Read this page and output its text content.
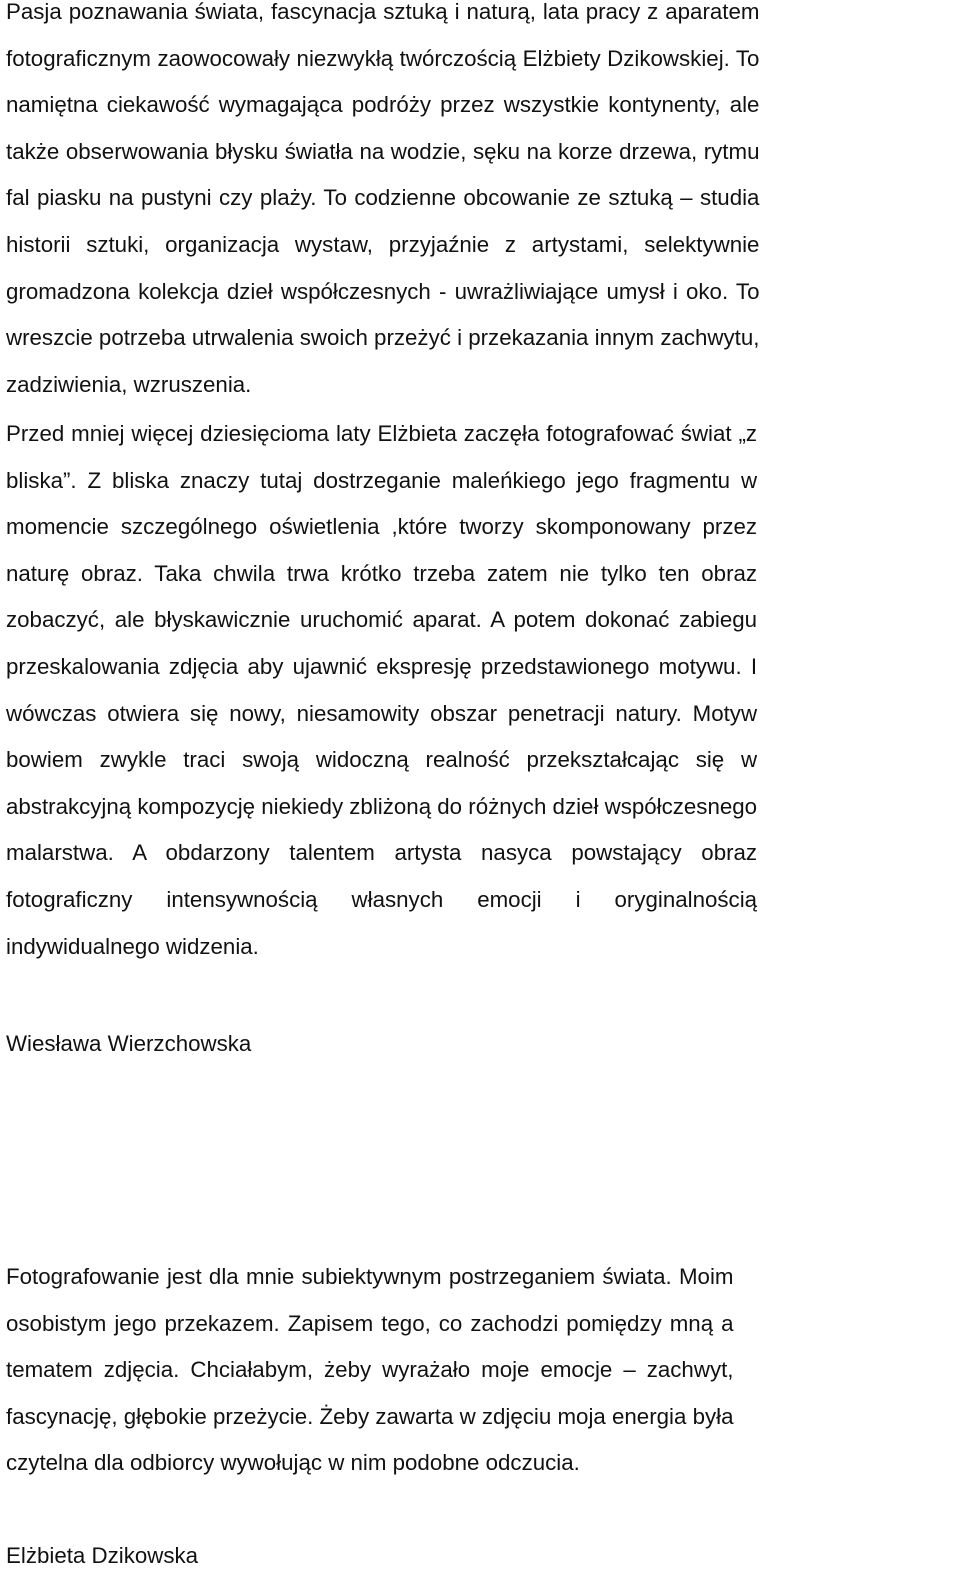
Pasja poznawania świata, fascynacja sztuką i naturą, lata pracy z aparatem
fotograficznym zaowocowały niezwykłą twórczością Elżbiety Dzikowskiej. To
namiętna ciekawość wymagająca podróży przez wszystkie kontynenty, ale
także obserwowania błysku światła na wodzie, sęku na korze drzewa, rytmu
fal piasku na pustyni czy plaży. To codzienne obcowanie ze sztuką – studia
historii sztuki, organizacja wystaw, przyjaźnie z artystami, selektywnie
gromadzona kolekcja dzieł współczesnych - uwrażliwiające umysł i oko. To
wreszcie potrzeba utrwalenia swoich przeżyć i przekazania innym zachwytu,
zadziwienia, wzruszenia.

Przed mniej więcej dziesięcioma laty Elżbieta zaczęła fotografować świat „z
bliska”. Z bliska znaczy tutaj dostrzeganie maleńkiego jego fragmentu w
momencie szczególnego oświetlenia ,które tworzy skomponowany przez
naturę obraz. Taka chwila trwa krótko trzeba zatem nie tylko ten obraz
zobaczyć, ale błyskawicznie uruchomić aparat. A potem dokonać zabiegu
przeskalowania zdjęcia aby ujawnić ekspresję przedstawionego motywu. I
wówczas otwiera się nowy, niesamowity obszar penetracji natury. Motyw
bowiem zwykle traci swoją widoczną realność przekształcając się w
abstrakcyjną kompozycję niekiedy zbliżoną do różnych dzieł współczesnego
malarstwa. A obdarzony talentem artysta nasyca powstający obraz
fotograficzny intensywnością własnych emocji i oryginalnością
indywidualnego widzenia.

Wiesława Wierzchowska

Fotografowanie jest dla mnie subiektywnym postrzeganiem świata. Moim
osobistym jego przekazem. Zapisem tego, co zachodzi pomiędzy mną a
tematem zdjęcia. Chciałabym, żeby wyrażało moje emocje – zachwyt,
fascynację, głębokie przeżycie. Żeby zawarta w zdjęciu moja energia była
czytelna dla odbiorcy wywołując w nim podobne odczucia.

Elżbieta Dzikowska
